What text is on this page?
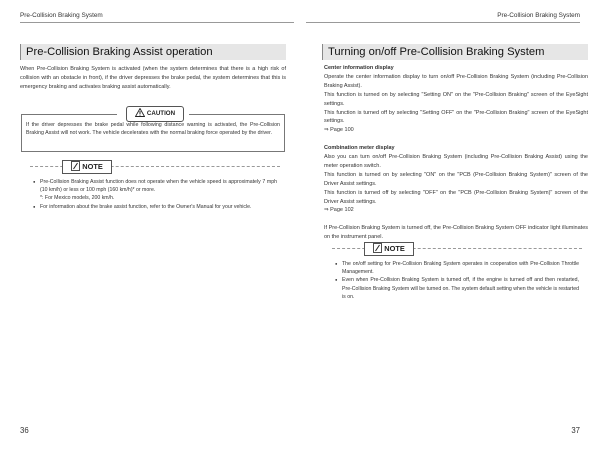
Pre-Collision Braking System
Pre-Collision Braking Assist operation

When Pre-Collision Braking System is activated (when the system determines that there is a high risk of collision with an obstacle in front), if the driver depresses the brake pedal, the system determines that this is emergency braking and activates braking assist automatically.

CAUTION
If the driver depresses the brake pedal while following distance warning is activated, the Pre-Collision Braking Assist will not work. The vehicle decelerates with the normal braking force operated by the driver.
NOTE
● Pre-Collision Braking Assist function does not operate when the vehicle speed is approximately 7 mph (10 km/h) or less or 100 mph (160 km/h)* or more.
*: For Mexico models, 200 km/h.
● For information about the brake assist function, refer to the Owner's Manual for your vehicle.
36
Pre-Collision Braking System
Turning on/off Pre-Collision Braking System

Center information display

Operate the center information display to turn on/off Pre-Collision Braking System (including Pre-Collision Braking Assist).

This function is turned on by selecting "Setting ON" on the "Pre-Collision Braking" screen of the EyeSight settings.

This function is turned off by selecting "Setting OFF" on the "Pre-Collision Braking" screen of the EyeSight settings.

⇒ Page 100

Combination meter display

Also you can turn on/off Pre-Collision Braking System (including Pre-Collision Braking Assist) using the meter operation switch.

This function is turned on by selecting "ON" on the "PCB (Pre-Collision Braking System)" screen of the Driver Assist settings.

This function is turned off by selecting "OFF" on the "PCB (Pre-Collision Braking System)" screen of the Driver Assist settings.

⇒ Page 102

If Pre-Collision Braking System is turned off, the Pre-Collision Braking System OFF indicator light illuminates on the instrument panel.

NOTE
● The on/off setting for Pre-Collision Braking System operates in cooperation with Pre-Collision Throttle Management.
● Even when Pre-Collision Braking System is turned off, if the engine is turned off and then restarted, Pre-Collision Braking System will be turned on. The system default setting when the vehicle is restarted is on.
37
